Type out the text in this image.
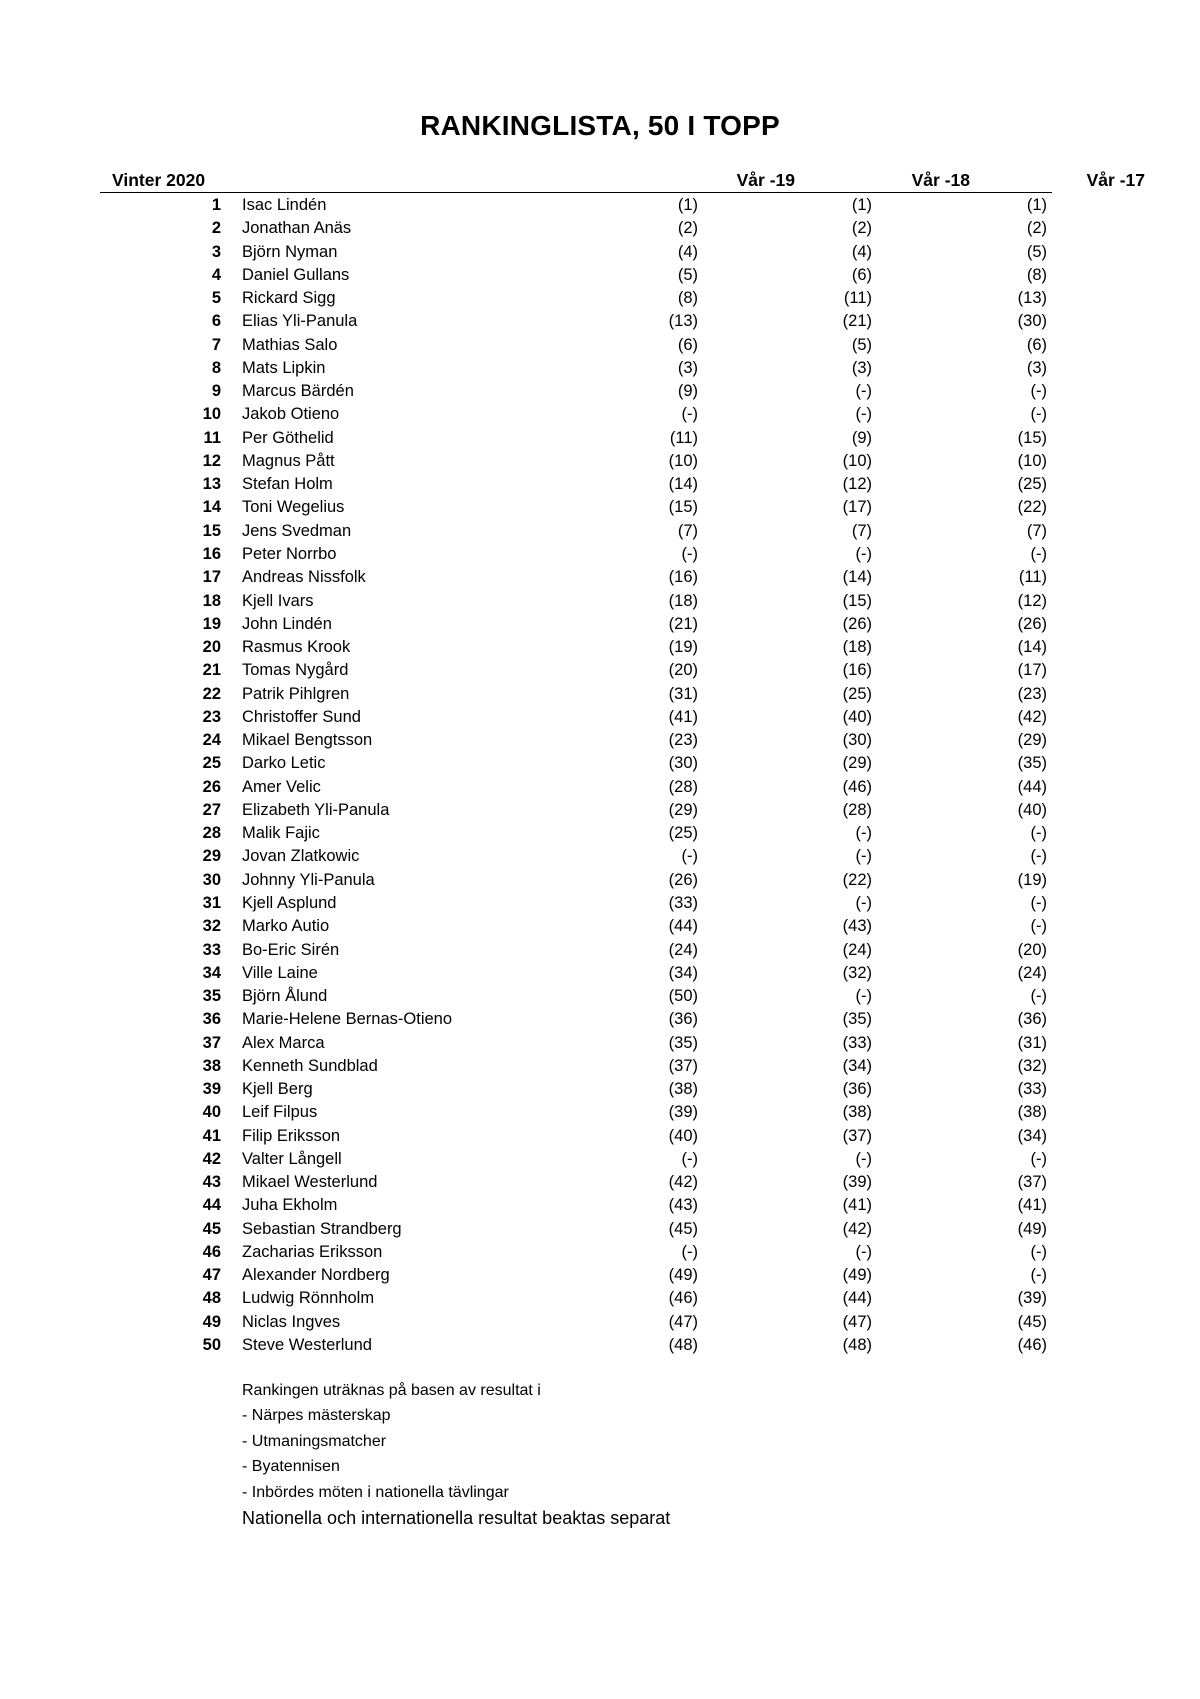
RANKINGLISTA, 50 I TOPP
Vinter 2020	Vår -19	Vår -18	Vår -17
1 Isac Lindén	(1)	(1)	(1)
2 Jonathan Anäs	(2)	(2)	(2)
3 Björn Nyman	(4)	(4)	(5)
4 Daniel Gullans	(5)	(6)	(8)
5 Rickard Sigg	(8)	(11)	(13)
6 Elias Yli-Panula	(13)	(21)	(30)
7 Mathias Salo	(6)	(5)	(6)
8 Mats Lipkin	(3)	(3)	(3)
9 Marcus Bärdén	(9)	(-)	(-)
10 Jakob Otieno	(-)	(-)	(-)
11 Per Göthelid	(11)	(9)	(15)
12 Magnus Pått	(10)	(10)	(10)
13 Stefan Holm	(14)	(12)	(25)
14 Toni Wegelius	(15)	(17)	(22)
15 Jens Svedman	(7)	(7)	(7)
16 Peter Norrbo	(-)	(-)	(-)
17 Andreas Nissfolk	(16)	(14)	(11)
18 Kjell Ivars	(18)	(15)	(12)
19 John Lindén	(21)	(26)	(26)
20 Rasmus Krook	(19)	(18)	(14)
21 Tomas Nygård	(20)	(16)	(17)
22 Patrik Pihlgren	(31)	(25)	(23)
23 Christoffer Sund	(41)	(40)	(42)
24 Mikael Bengtsson	(23)	(30)	(29)
25 Darko Letic	(30)	(29)	(35)
26 Amer Velic	(28)	(46)	(44)
27 Elizabeth Yli-Panula	(29)	(28)	(40)
28 Malik Fajic	(25)	(-)	(-)
29 Jovan Zlatkowic	(-)	(-)	(-)
30 Johnny Yli-Panula	(26)	(22)	(19)
31 Kjell Asplund	(33)	(-)	(-)
32 Marko Autio	(44)	(43)	(-)
33 Bo-Eric Sirén	(24)	(24)	(20)
34 Ville Laine	(34)	(32)	(24)
35 Björn Ålund	(50)	(-)	(-)
36 Marie-Helene Bernas-Otieno	(36)	(35)	(36)
37 Alex Marca	(35)	(33)	(31)
38 Kenneth Sundblad	(37)	(34)	(32)
39 Kjell Berg	(38)	(36)	(33)
40 Leif Filpus	(39)	(38)	(38)
41 Filip Eriksson	(40)	(37)	(34)
42 Valter Långell	(-)	(-)	(-)
43 Mikael Westerlund	(42)	(39)	(37)
44 Juha Ekholm	(43)	(41)	(41)
45 Sebastian Strandberg	(45)	(42)	(49)
46 Zacharias Eriksson	(-)	(-)	(-)
47 Alexander Nordberg	(49)	(49)	(-)
48 Ludwig Rönnholm	(46)	(44)	(39)
49 Niclas Ingves	(47)	(47)	(45)
50 Steve Westerlund	(48)	(48)	(46)
Rankingen uträknas på basen av resultat i
- Närpes mästerskap
- Utmaningsmatcher
- Byatennisen
- Inbördes möten i nationella tävlingar
Nationella och internationella resultat beaktas separat
